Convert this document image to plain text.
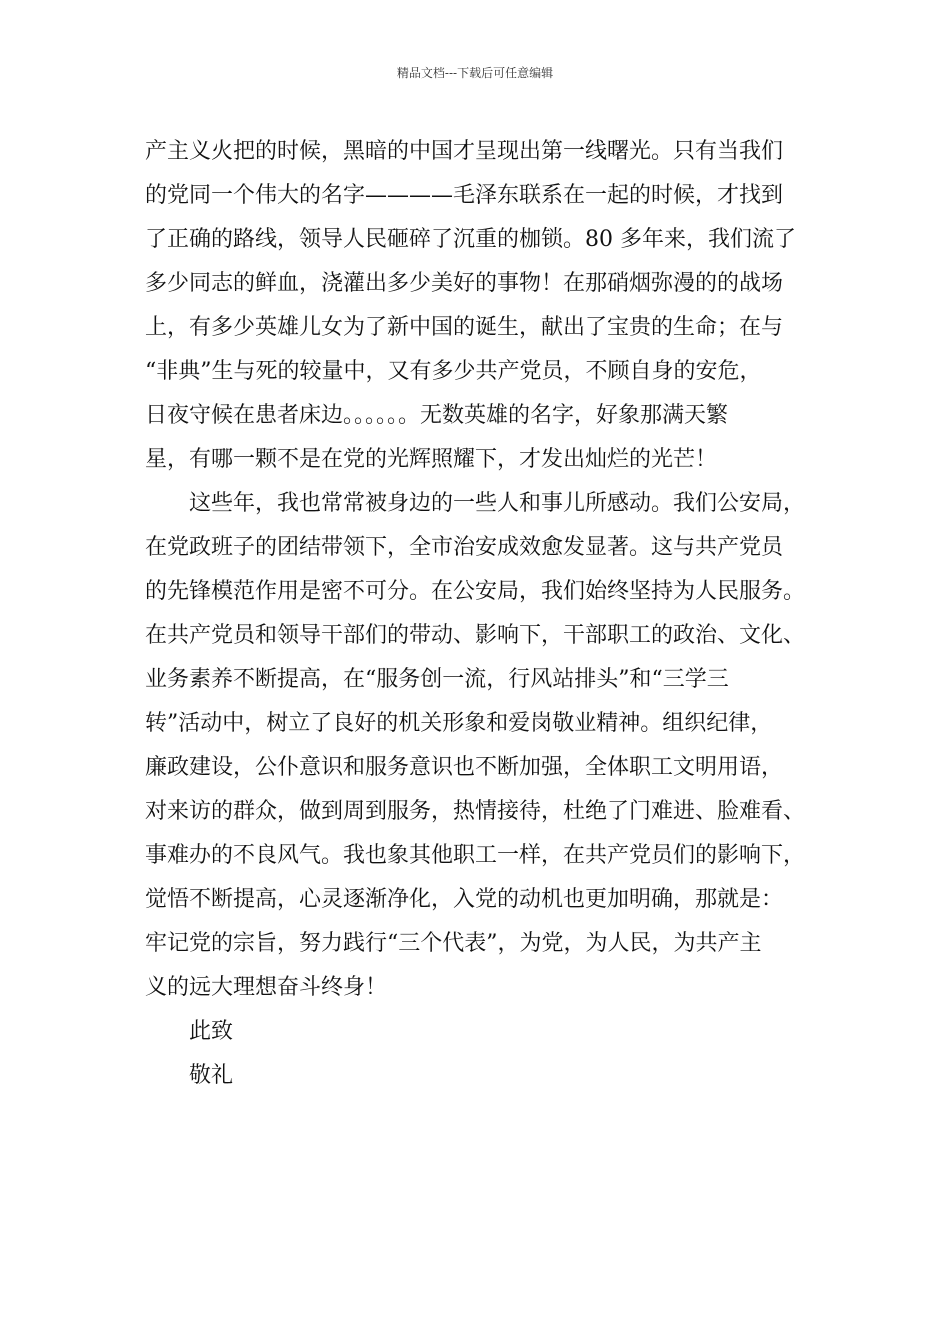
精品文档---下载后可任意编辑
产主义火把的时候，黑暗的中国才呈现出第一线曙光。只有当我们
的党同一个伟大的名字————毛泽东联系在一起的时候，才找到
了正确的路线，领导人民砸碎了沉重的枷锁。80 多年来，我们流了
多少同志的鲜血，浇灌出多少美好的事物！在那硝烟弥漫的的战场
上，有多少英雄儿女为了新中国的诞生，献出了宝贵的生命；在与
“非典”生与死的较量中，又有多少共产党员，不顾自身的安危，
日夜守候在患者床边。。。。。。无数英雄的名字，好象那满天繁
星，有哪一颗不是在党的光辉照耀下，才发出灿烂的光芒！
这些年，我也常常被身边的一些人和事儿所感动。我们公安局，
在党政班子的团结带领下，全市治安成效愈发显著。这与共产党员
的先锋模范作用是密不可分。在公安局，我们始终坚持为人民服务。
在共产党员和领导干部们的带动、影响下，干部职工的政治、文化、
业务素养不断提高，在“服务创一流，行风站排头”和“三学三
转”活动中，树立了良好的机关形象和爱岗敬业精神。组织纪律，
廉政建设，公仆意识和服务意识也不断加强，全体职工文明用语，
对来访的群众，做到周到服务，热情接待，杜绝了门难进、脸难看、
事难办的不良风气。我也象其他职工一样，在共产党员们的影响下，
觉悟不断提高，心灵逐渐净化，入党的动机也更加明确，那就是：
牢记党的宗旨，努力践行“三个代表”，为党，为人民，为共产主
义的远大理想奋斗终身！
此致
敬礼
